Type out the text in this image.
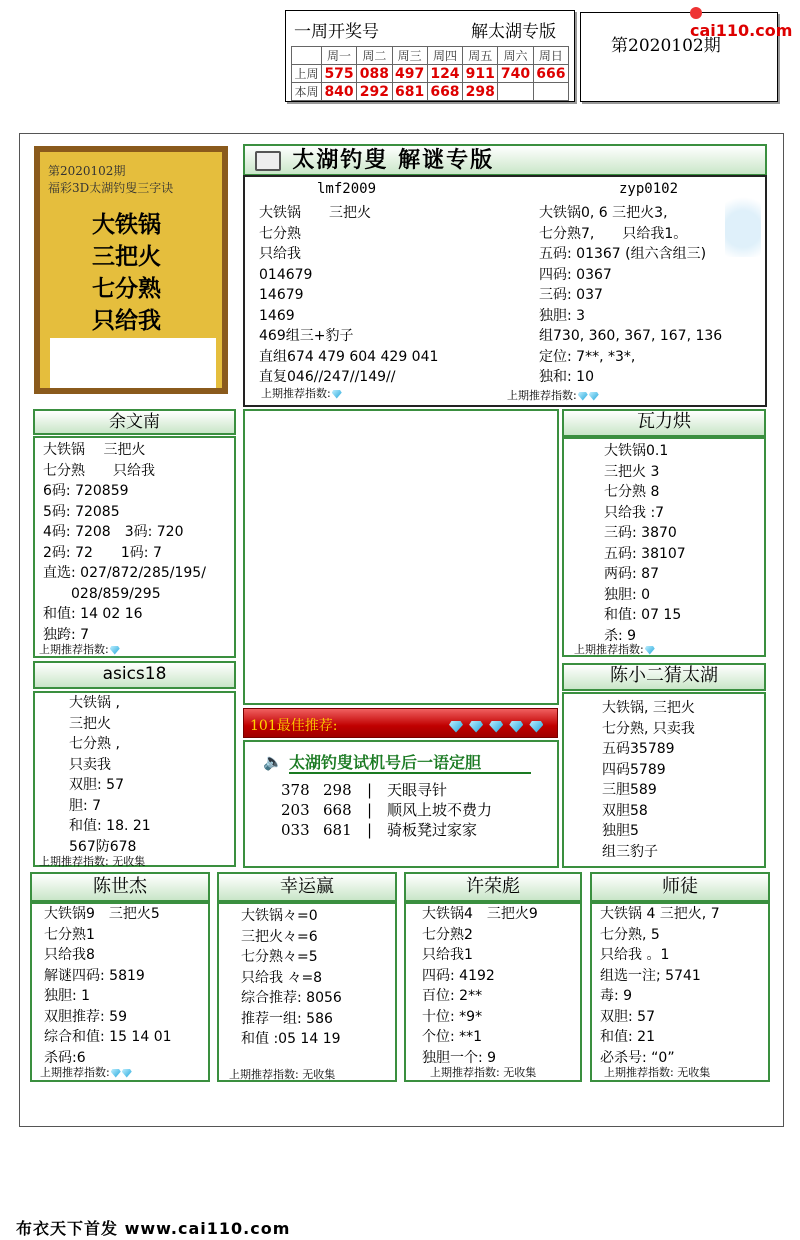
一周开奖号	解太湖专版
	周一	周二	周三	周四	周五	周六	周日
上周	575	088	497	124	911	740	666
本周	840	292	681	668	298		
第2020102期
cai110.com
第2020102期
福彩3D太湖钓叟三字诀
大铁锅
三把火
七分熟
只给我
太湖钓叟 解谜专版
lmf2009
大铁锅　　三把火
七分熟
只给我
014679
14679
1469
469组三+豹子
直组674 479 604 429 041
直复046//247//149//
上期推荐指数:
zyp0102
大铁锅0, 6 三把火3,
七分熟7,　　只给我1。
五码: 01367 (组六含组三)
四码: 0367
三码: 037
独胆: 3
组730, 360, 367, 167, 136
定位: 7**, *3*,
独和: 10
上期推荐指数:
余文南
大铁锅　 三把火
七分熟　　只给我
6码: 720859
5码: 72085
4码: 7208　3码: 720
2码: 72　　1码: 7
直选: 027/872/285/195/
　　028/859/295
和值: 14 02 16
独跨: 7
上期推荐指数:
瓦力烘
大铁锅0.1
三把火 3
七分熟 8
只给我 :7
三码: 3870
五码: 38107
两码: 87
独胆: 0
和值: 07 15
杀: 9
上期推荐指数:
asics18
大铁锅 ,
三把火
七分熟 ,
只卖我
双胆: 57
胆: 7
和值: 18. 21
567防678
上期推荐指数: 无收集
101最佳推荐:

🔈 太湖钓叟试机号后一语定胆
378 298 | 天眼寻针
203 668 | 顺风上坡不费力
033 681 | 骑板凳过家家
陈小二猜太湖
大铁锅, 三把火
七分熟, 只卖我
五码35789
四码5789
三胆589
双胆58
独胆5
组三豹子
陈世杰
大铁锅9　三把火5
七分熟1
只给我8
解谜四码: 5819
独胆: 1
双胆推荐: 59
综合和值: 15 14 01
杀码:6
上期推荐指数:
幸运赢
大铁锅々=0
三把火々=6
七分熟々=5
只给我 々=8
综合推荐: 8056
推荐一组: 586
和值 :05 14 19
上期推荐指数: 无收集
许荣彪
大铁锅4　三把火9
七分熟2
只给我1
四码: 4192
百位: 2**
十位: *9*
个位: **1
独胆一个: 9
上期推荐指数: 无收集
师徒
大铁锅 4 三把火, 7
七分熟, 5
只给我 。1
组选一注; 5741
毒: 9
双胆: 57
和值: 21
必杀号: “0”
上期推荐指数: 无收集
布衣天下首发 www.cai110.com
